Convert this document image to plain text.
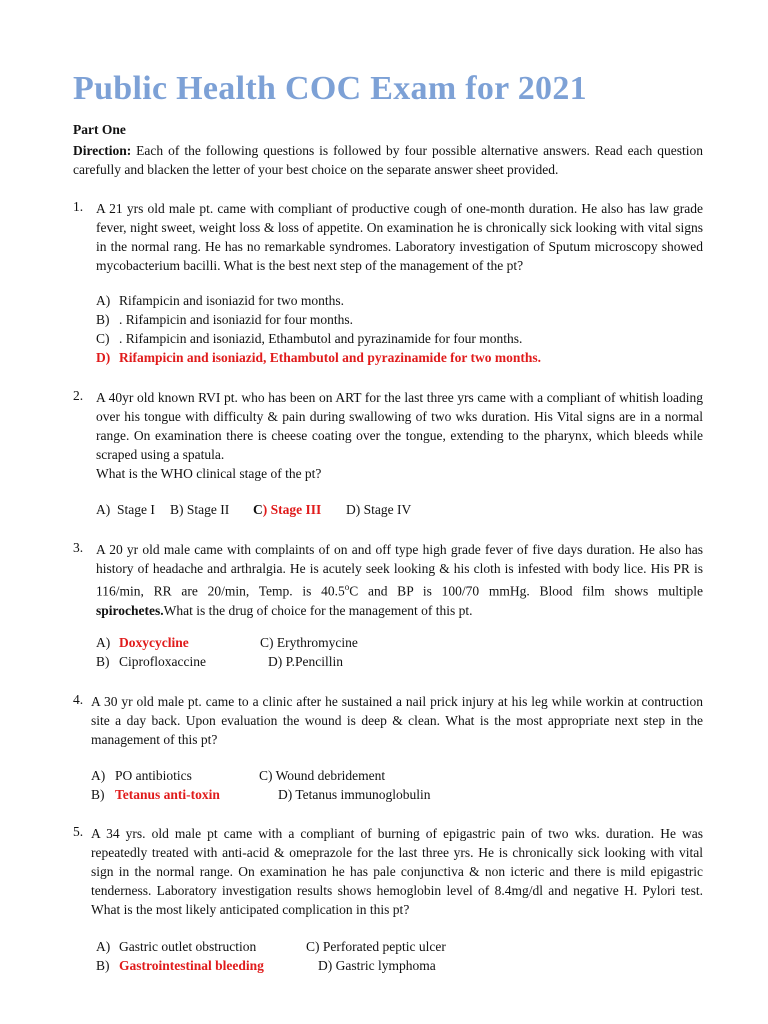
Public Health COC Exam for 2021
Part One

Direction: Each of the following questions is followed by four possible alternative answers. Read each question carefully and blacken the letter of your best choice on the separate answer sheet provided.

1. A 21 yrs old male pt. came with compliant of productive cough of one-month duration. He also has law grade fever, night sweet, weight loss & loss of appetite. On examination he is chronically sick looking with vital signs in the normal rang. He has no remarkable syndromes. Laboratory investigation of Sputum microscopy showed mycobacterium bacilli. What is the best next step of the management of the pt?

A) Rifampicin and isoniazid for two months.
B) . Rifampicin and isoniazid for four months.
C) . Rifampicin and isoniazid, Ethambutol and pyrazinamide for four months.
D) Rifampicin and isoniazid, Ethambutol and pyrazinamide for two months.
2. A 40yr old known RVI pt. who has been on ART for the last three yrs came with a compliant of whitish loading over his tongue with difficulty & pain during swallowing of two wks duration. His Vital signs are in a normal range. On examination there is cheese coating over the tongue, extending to the pharynx, which bleeds while scraped using a spatula.
What is the WHO clinical stage of the pt?

A)  Stage I B) Stage II C) Stage III D) Stage IV
3. A 20 yr old male came with complaints of on and off type high grade fever of five days duration. He also has history of headache and arthralgia. He is acutely seek looking & his cloth is infested with body lice. His PR is 116/min, RR are 20/min, Temp. is 40.5$^o$C and BP is 100/70 mmHg. Blood film shows multiple spirochetes.What is the drug of choice for the management of this pt.

A) Doxycycline	C) Erythromycine
B) Ciprofloxaccine	D) P.Pencillin
4. A 30 yr old male pt. came to a clinic after he sustained a nail prick injury at his leg while workin at contruction site a day back. Upon evaluation the wound is deep & clean. What is the most appropriate next step in the management of this pt?

A) PO antibiotics	C) Wound debridement
B) Tetanus anti-toxin	D) Tetanus immunoglobulin
5. A 34 yrs. old male pt came with a compliant of burning of epigastric pain of two wks. duration. He was repeatedly treated with anti-acid & omeprazole for the last three yrs. He is chronically sick looking with vital sign in the normal range. On examination he has pale conjunctiva & non icteric and there is mild epigastric tenderness. Laboratory investigation results shows hemoglobin level of 8.4mg/dl and negative H. Pylori test. What is the most likely anticipated complication in this pt?

A) Gastric outlet obstruction	C) Perforated peptic ulcer
B) Gastrointestinal bleeding	D) Gastric lymphoma
